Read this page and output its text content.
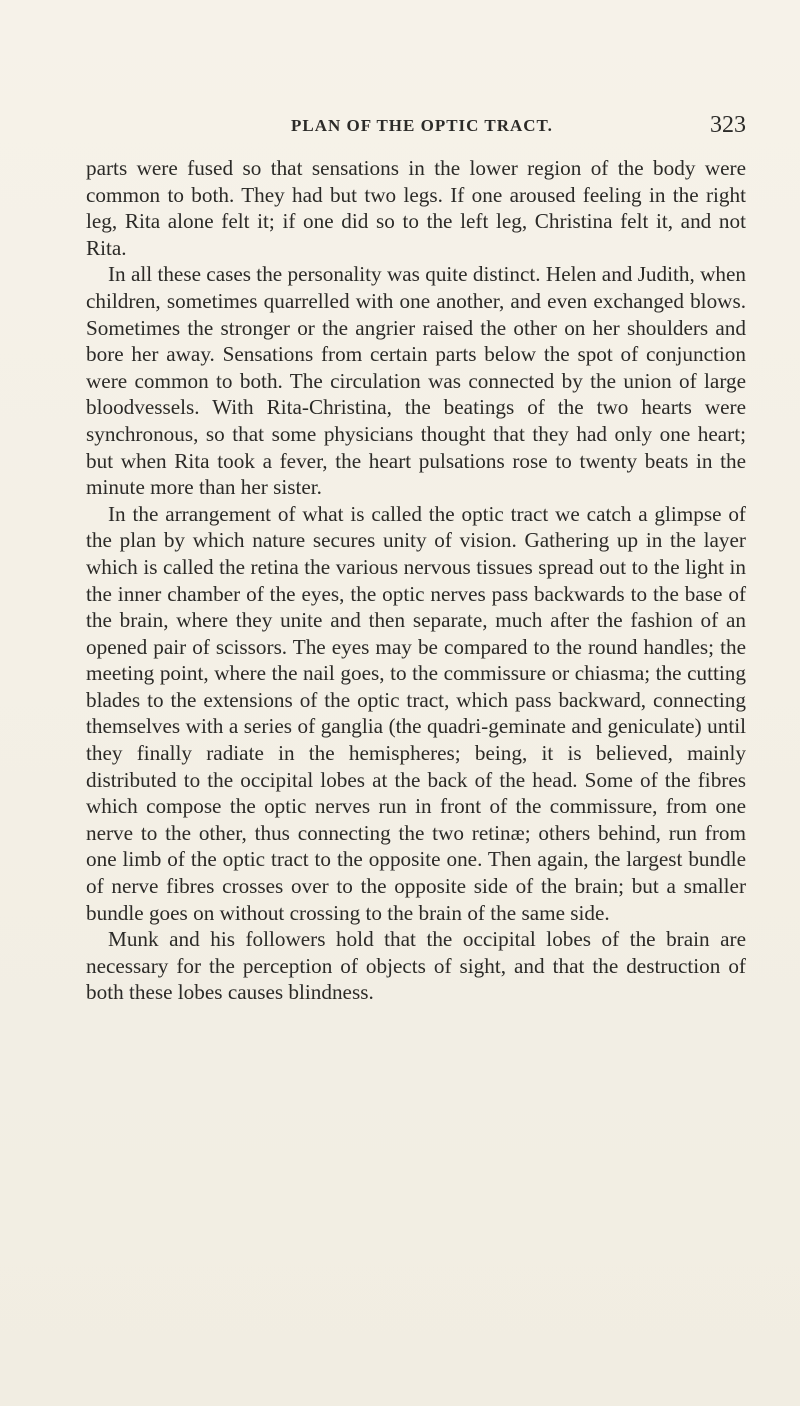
PLAN OF THE OPTIC TRACT.	323

parts were fused so that sensations in the lower region of the body were common to both. They had but two legs. If one aroused feeling in the right leg, Rita alone felt it; if one did so to the left leg, Christina felt it, and not Rita.

In all these cases the personality was quite distinct. Helen and Judith, when children, sometimes quarrelled with one another, and even exchanged blows. Sometimes the stronger or the angrier raised the other on her shoulders and bore her away. Sensations from certain parts below the spot of conjunction were common to both. The circulation was connected by the union of large bloodvessels. With Rita-Christina, the beatings of the two hearts were synchronous, so that some physicians thought that they had only one heart; but when Rita took a fever, the heart pulsations rose to twenty beats in the minute more than her sister.

In the arrangement of what is called the optic tract we catch a glimpse of the plan by which nature secures unity of vision. Gathering up in the layer which is called the retina the various nervous tissues spread out to the light in the inner chamber of the eyes, the optic nerves pass backwards to the base of the brain, where they unite and then separate, much after the fashion of an opened pair of scissors. The eyes may be compared to the round handles; the meeting point, where the nail goes, to the commissure or chiasma; the cutting blades to the extensions of the optic tract, which pass backward, connecting themselves with a series of ganglia (the quadri-geminate and geniculate) until they finally radiate in the hemispheres; being, it is believed, mainly distributed to the occipital lobes at the back of the head. Some of the fibres which compose the optic nerves run in front of the commissure, from one nerve to the other, thus connecting the two retinæ; others behind, run from one limb of the optic tract to the opposite one. Then again, the largest bundle of nerve fibres crosses over to the opposite side of the brain; but a smaller bundle goes on without crossing to the brain of the same side.

Munk and his followers hold that the occipital lobes of the brain are necessary for the perception of objects of sight, and that the destruction of both these lobes causes blindness.
